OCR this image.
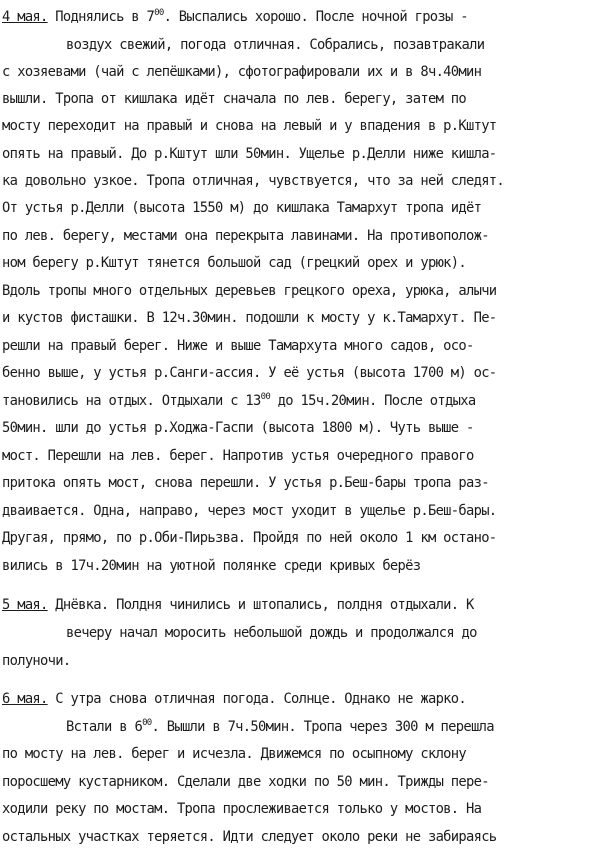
4 мая. Поднялись в $7^{00}$. Выспались хорошо. После ночной грозы -
воздух свежий, погода отличная. Собрались, позавтракали
с хозяевами (чай с лепёшками), сфотографировали их и в 8ч.40мин
вышли. Тропа от кишлака идёт сначала по лев. берегу, затем по
мосту переходит на правый и снова на левый и у впадения в р.Кштут
опять на правый. До р.Кштут шли 50мин. Ущелье р.Делли ниже кишла-
ка довольно узкое. Тропа отличная, чувствуется, что за ней следят.
От устья р.Делли (высота 1550 м) до кишлака Тамархут тропа идёт
по лев. берегу, местами она перекрыта лавинами. На противополож-
ном берегу р.Кштут тянется большой сад (грецкий орех и урюк).
Вдоль тропы много отдельных деревьев грецкого ореха, урюка, алычи
и кустов фисташки. В 12ч.30мин. подошли к мосту у к.Тамархут. Пе-
решли на правый берег. Ниже и выше Тамархута много садов, осо-
бенно выше, у устья р.Санги-ассия. У её устья (высота 1700 м) ос-
тановились на отдых. Отдыхали с $13^{00}$ до 15ч.20мин. После отдыха
50мин. шли до устья р.Ходжа-Гаспи (высота 1800 м). Чуть выше -
мост. Перешли на лев. берег. Напротив устья очередного правого
притока опять мост, снова перешли. У устья р.Беш-бары тропа раз-
дваивается. Одна, направо, через мост уходит в ущелье р.Беш-бары.
Другая, прямо, по р.Оби-Пирьзва. Пройдя по ней около 1 км остано-
вились в 17ч.20мин на уютной полянке среди кривых берёз
5 мая. Днёвка. Полдня чинились и штопались, полдня отдыхали. К
вечеру начал моросить небольшой дождь и продолжался до
полуночи.
6 мая. С утра снова отличная погода. Солнце. Однако не жарко.
Встали в $6^{00}$. Вышли в 7ч.50мин. Тропа через 300 м перешла
по мосту на лев. берег и исчезла. Движемся по осыпному склону
поросшему кустарником. Сделали две ходки по 50 мин. Трижды пере-
ходили реку по мостам. Тропа прослеживается только у мостов. На
остальных участках теряется. Идти следует около реки не забираясь
